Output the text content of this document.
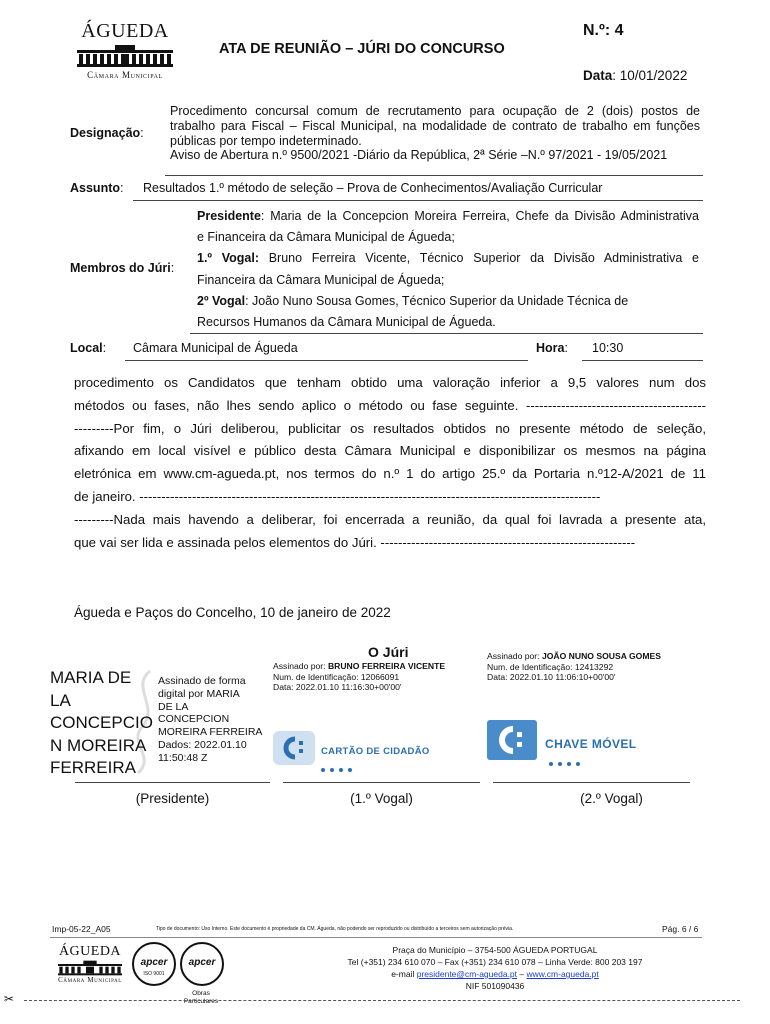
ÁGUEDA
Câmara Municipal
ATA DE REUNIÃO – JÚRI DO CONCURSO
N.º: 4
Data: 10/01/2022
Designação:
Procedimento concursal comum de recrutamento para ocupação de 2 (dois) postos de
trabalho para Fiscal – Fiscal Municipal, na modalidade de contrato de trabalho em funções
públicas por tempo indeterminado.
Aviso de Abertura n.º 9500/2021 -Diário da República, 2ª Série –N.º 97/2021 - 19/05/2021
Assunto: Resultados 1.º método de seleção – Prova de Conhecimentos/Avaliação Curricular
Membros do Júri:
Presidente: Maria de la Concepcion Moreira Ferreira, Chefe da Divisão Administrativa
e Financeira da Câmara Municipal de Águeda;
1.º Vogal: Bruno Ferreira Vicente, Técnico Superior da Divisão Administrativa e
Financeira da Câmara Municipal de Águeda;
2º Vogal: João Nuno Sousa Gomes, Técnico Superior da Unidade Técnica de
Recursos Humanos da Câmara Municipal de Águeda.
Local: Câmara Municipal de Águeda	Hora: 10:30
procedimento os Candidatos que tenham obtido uma valoração inferior a 9,5 valores num dos
métodos ou fases, não lhes sendo aplico o método ou fase seguinte. -----------------------------------------
---------Por fim, o Júri deliberou, publicitar os resultados obtidos no presente método de seleção,
afixando em local visível e público desta Câmara Municipal e disponibilizar os mesmos na página
eletrónica em www.cm-agueda.pt, nos termos do n.º 1 do artigo 25.º da Portaria n.º12-A/2021 de 11
de janeiro. ---------------------------------------------------------------------------------------------------------
---------Nada mais havendo a deliberar, foi encerrada a reunião, da qual foi lavrada a presente ata,
que vai ser lida e assinada pelos elementos do Júri. ----------------------------------------------------------
Águeda e Paços do Concelho, 10 de janeiro de 2022
O Júri
MARIA DE
LA
CONCEPCIO
N MOREIRA
FERREIRA
Assinado de forma
digital por MARIA
DE LA
CONCEPCION
MOREIRA FERREIRA
Dados: 2022.01.10
11:50:48 Z
Assinado por: BRUNO FERREIRA VICENTE
Num. de Identificação: 12066091
Data: 2022.01.10 11:16:30+00'00'
CARTÃO DE CIDADÃO
Assinado por: JOÃO NUNO SOUSA GOMES
Num. de Identificação: 12413292
Data: 2022.01.10 11:06:10+00'00'
CHAVE MÓVEL
(Presidente)	(1.º Vogal)	(2.º Vogal)
Imp-05-22_A05	Tipo de documento: Uso Interno. Este documento é propriedade da CM. Águeda, não podendo ser reproduzido ou distribuído a terceiros sem autorização prévia.	Pág. 6 / 6
ÁGUEDA
Câmara Municipal
apcer
ISO 9001
apcer
Obras Particulares
Praça do Município – 3754-500 ÁGUEDA PORTUGAL
Tel (+351) 234 610 070 – Fax (+351) 234 610 078 – Linha Verde: 800 203 197
e-mail presidente@cm-agueda.pt – www.cm-agueda.pt
NIF 501090436
✂
